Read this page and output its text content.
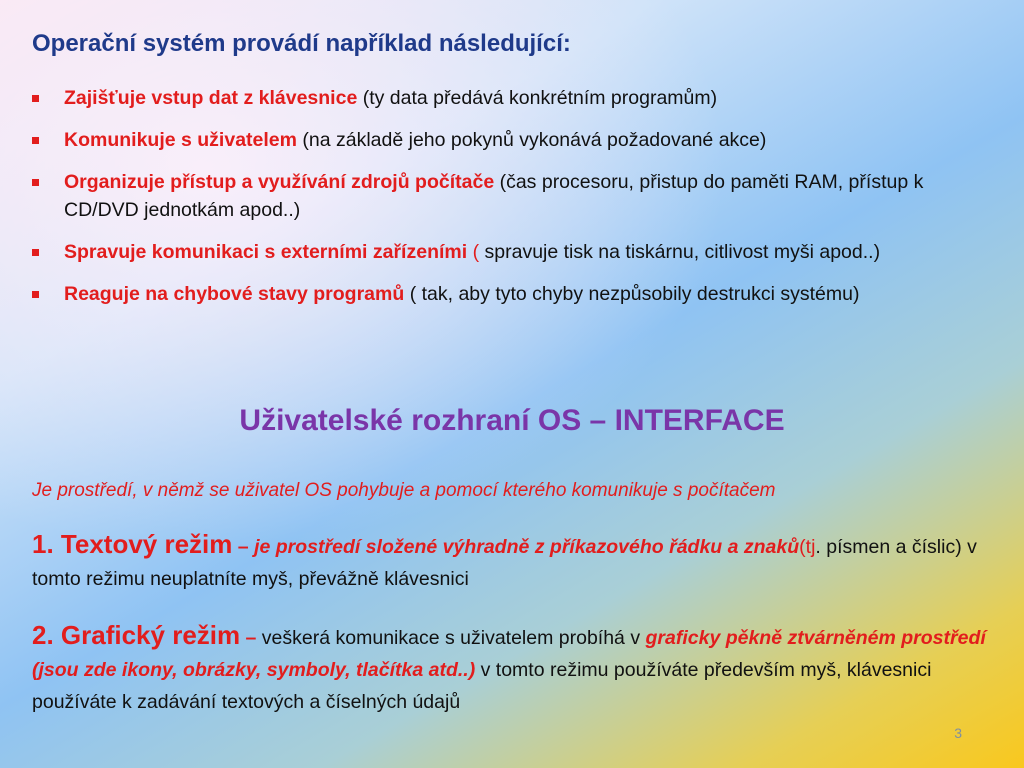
Operační systém provádí například následující:
Zajišťuje vstup dat z klávesnice (ty data předává konkrétním programům)
Komunikuje s uživatelem (na základě jeho pokynů vykonává požadované akce)
Organizuje přístup a využívání zdrojů počítače (čas procesoru, přistup do paměti RAM, přístup k CD/DVD jednotkám apod..)
Spravuje komunikaci s externími zařízeními ( spravuje tisk na tiskárnu, citlivost myši apod..)
Reaguje na chybové stavy programů ( tak, aby tyto chyby nezpůsobily destrukci systému)
Uživatelské rozhraní OS – INTERFACE

Je prostředí, v němž se uživatel OS pohybuje a pomocí kterého komunikuje s počítačem

1. Textový režim – je prostředí složené výhradně z příkazového řádku a znaků(tj. písmen a číslic) v tomto režimu neuplatníte myš, převážně klávesnici

2. Grafický režim – veškerá komunikace s uživatelem probíhá v graficky pěkně ztvárněném prostředí (jsou zde ikony, obrázky, symboly, tlačítka atd..) v tomto režimu používáte především myš, klávesnici používáte k zadávání textových a číselných údajů

3
